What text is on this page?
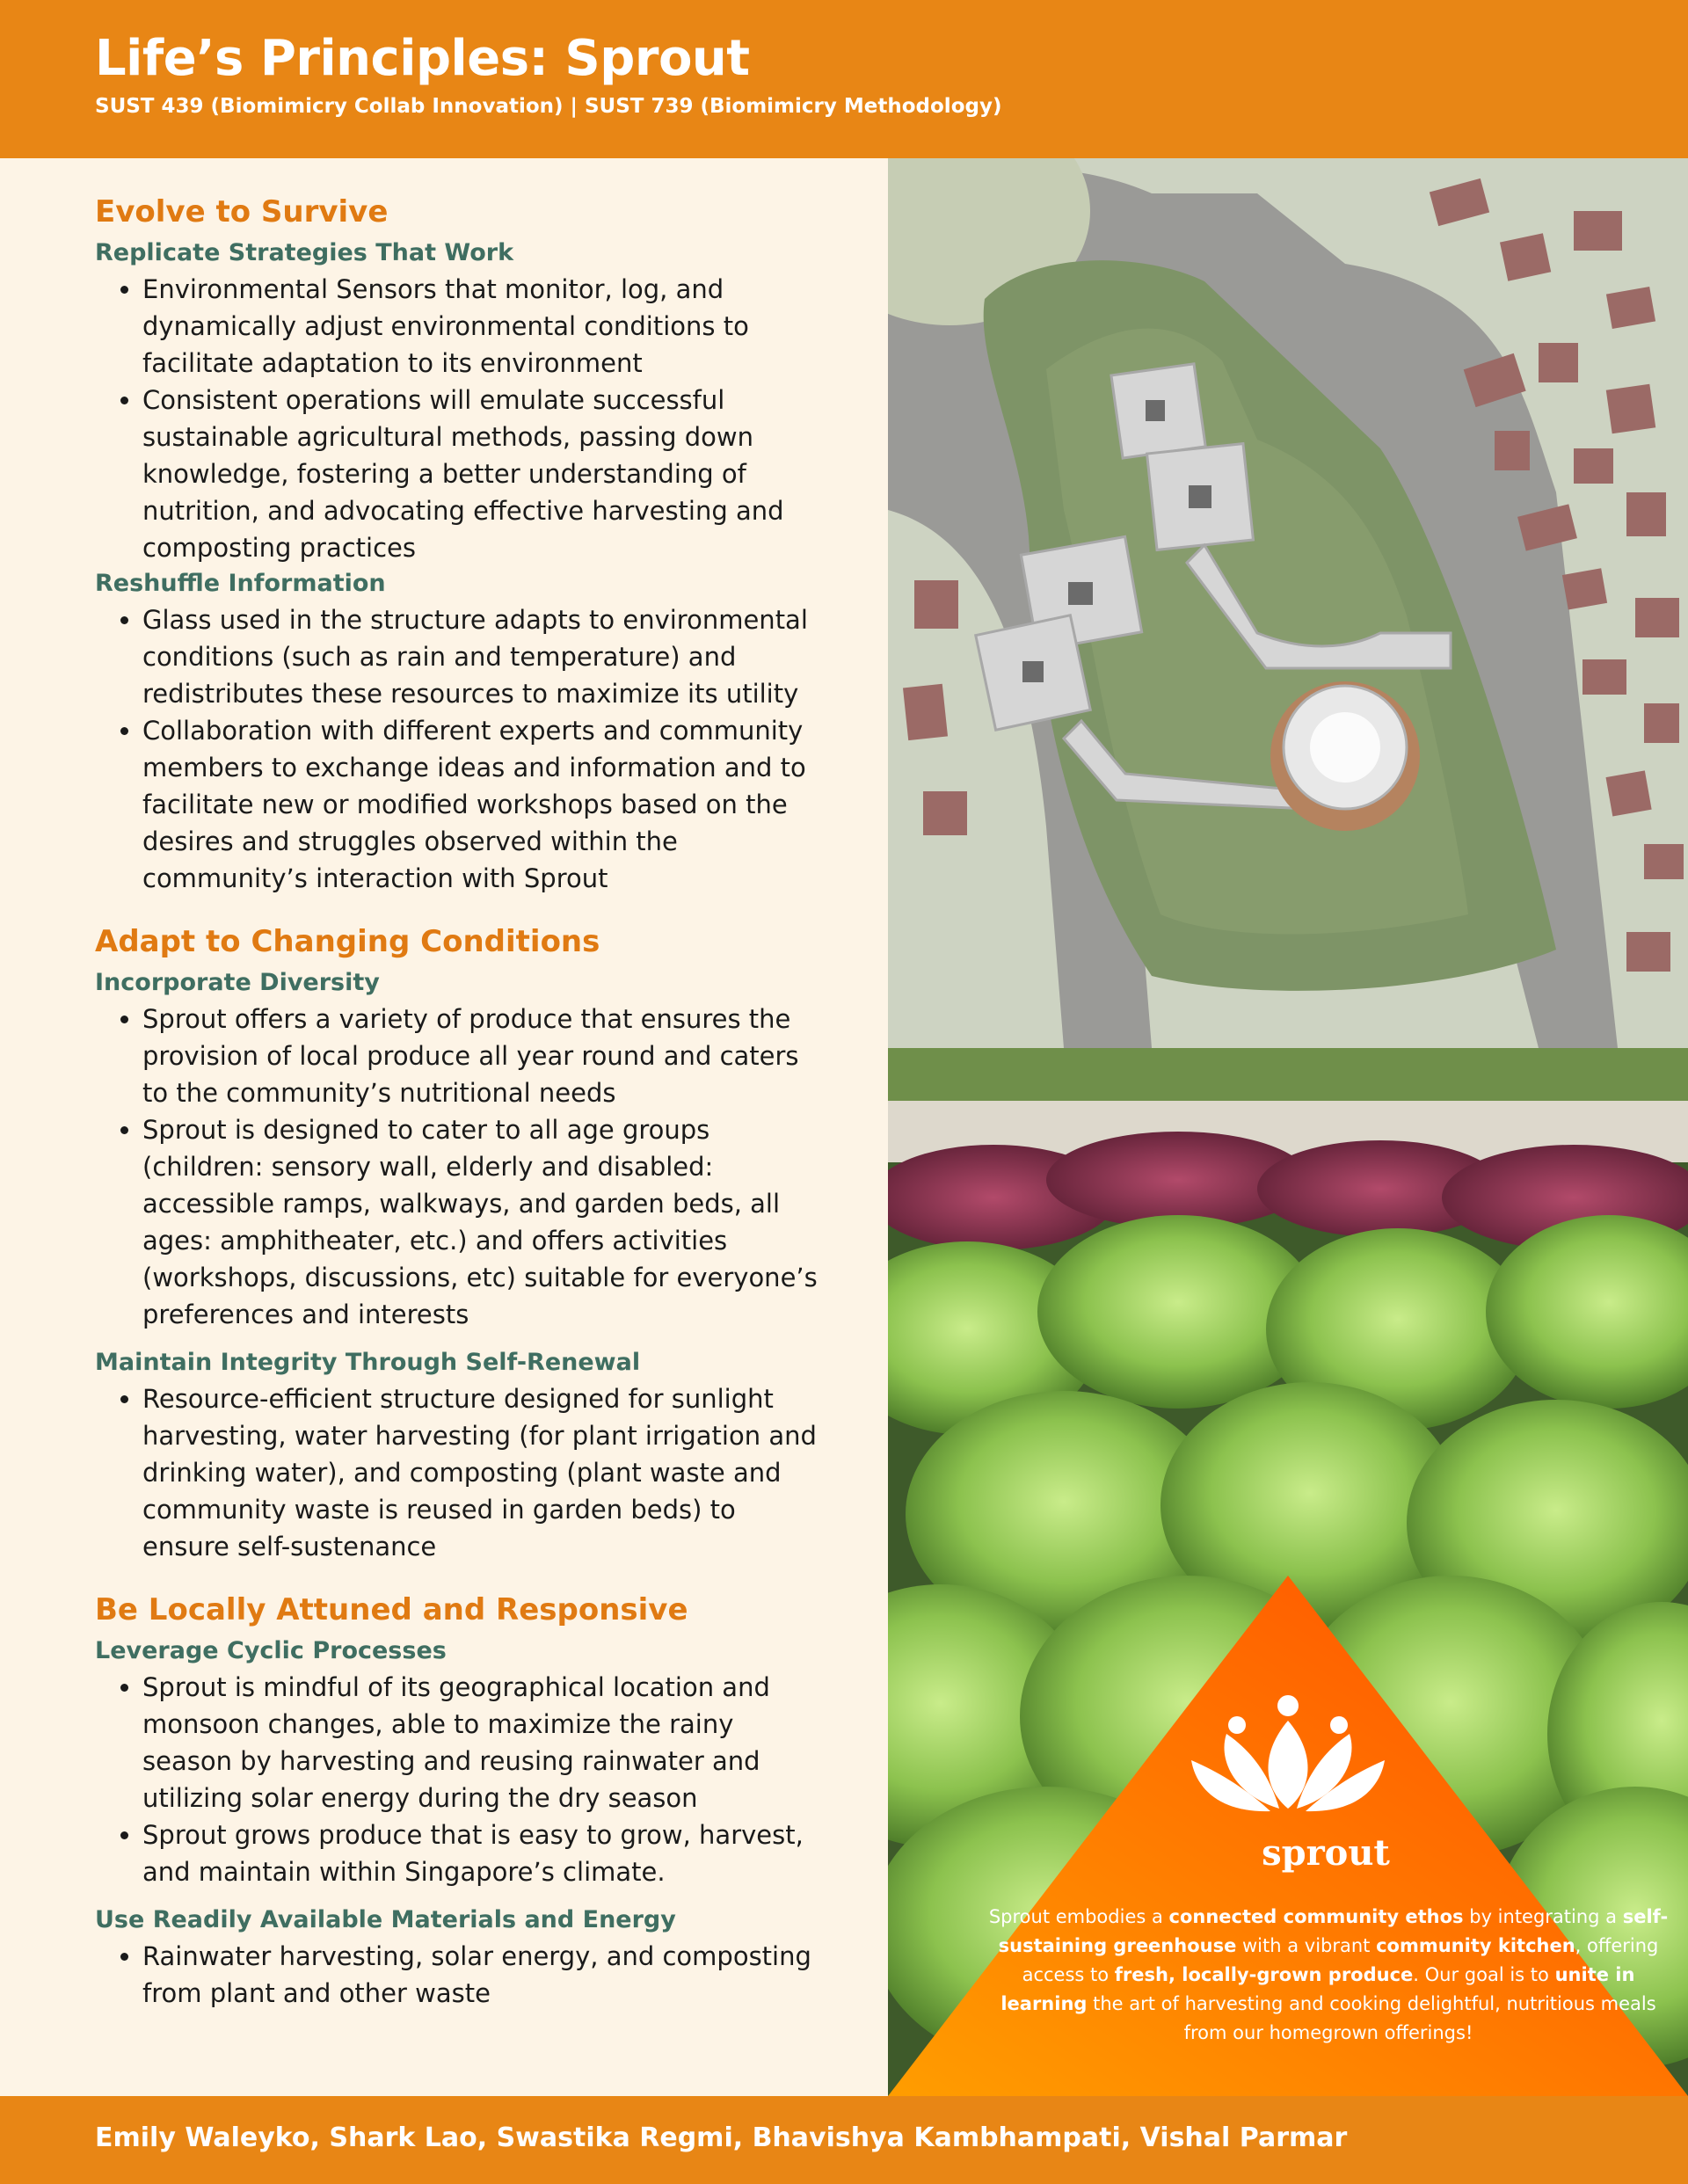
Life’s Principles: Sprout
SUST 439 (Biomimicry Collab Innovation) | SUST 739 (Biomimicry Methodology)
Evolve to Survive
Replicate Strategies That Work
• Environmental Sensors that monitor, log, and dynamically adjust environmental conditions to facilitate adaptation to its environment
• Consistent operations will emulate successful sustainable agricultural methods, passing down knowledge, fostering a better understanding of nutrition, and advocating effective harvesting and composting practices
Reshuffle Information
• Glass used in the structure adapts to environmental conditions (such as rain and temperature) and redistributes these resources to maximize its utility
• Collaboration with different experts and community members to exchange ideas and information and to facilitate new or modified workshops based on the desires and struggles observed within the community’s interaction with Sprout
Adapt to Changing Conditions
Incorporate Diversity
• Sprout offers a variety of produce that ensures the provision of local produce all year round and caters to the community’s nutritional needs
• Sprout is designed to cater to all age groups (children: sensory wall, elderly and disabled: accessible ramps, walkways, and garden beds, all ages: amphitheater, etc.) and offers activities (workshops, discussions, etc) suitable for everyone’s preferences and interests
Maintain Integrity Through Self-Renewal
• Resource-efficient structure designed for sunlight harvesting, water harvesting (for plant irrigation and drinking water), and composting (plant waste and community waste is reused in garden beds) to ensure self-sustenance
Be Locally Attuned and Responsive
Leverage Cyclic Processes
• Sprout is mindful of its geographical location and monsoon changes, able to maximize the rainy season by harvesting and reusing rainwater and utilizing solar energy during the dry season
• Sprout grows produce that is easy to grow, harvest, and maintain within Singapore’s climate.
Use Readily Available Materials and Energy
• Rainwater harvesting, solar energy, and composting from plant and other waste
sprout
Sprout embodies a connected community ethos by integrating a self-sustaining greenhouse with a vibrant community kitchen, offering access to fresh, locally-grown produce. Our goal is to unite in learning the art of harvesting and cooking delightful, nutritious meals from our homegrown offerings!
Emily Waleyko, Shark Lao, Swastika Regmi, Bhavishya Kambhampati, Vishal Parmar
